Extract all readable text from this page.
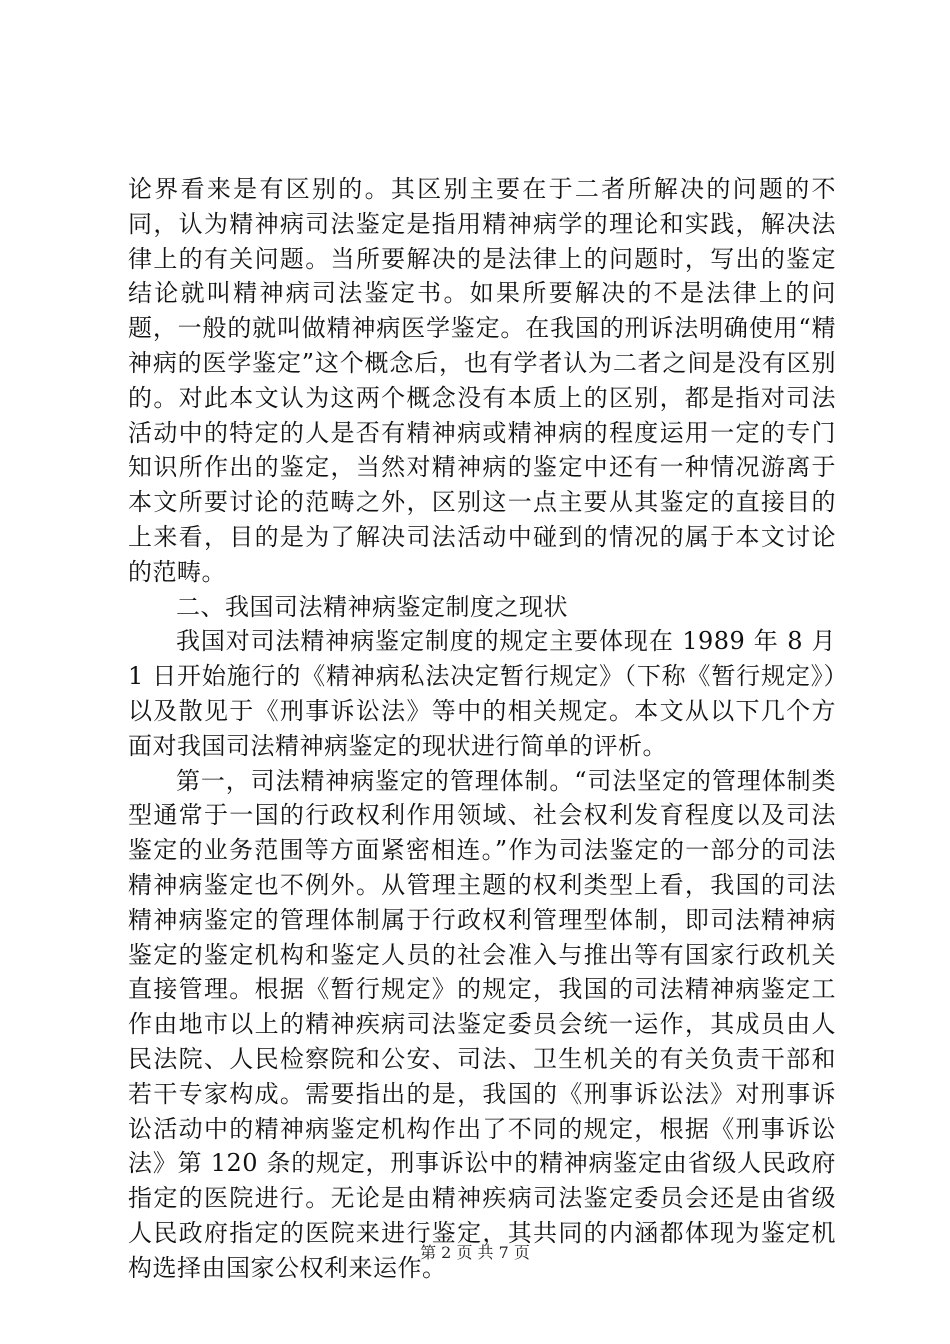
论界看来是有区别的。其区别主要在于二者所解决的问题的不同，认为精神病司法鉴定是指用精神病学的理论和实践，解决法律上的有关问题。当所要解决的是法律上的问题时，写出的鉴定结论就叫精神病司法鉴定书。如果所要解决的不是法律上的问题，一般的就叫做精神病医学鉴定。在我国的刑诉法明确使用“精神病的医学鉴定”这个概念后，也有学者认为二者之间是没有区别的。对此本文认为这两个概念没有本质上的区别，都是指对司法活动中的特定的人是否有精神病或精神病的程度运用一定的专门知识所作出的鉴定，当然对精神病的鉴定中还有一种情况游离于本文所要讨论的范畴之外，区别这一点主要从其鉴定的直接目的上来看，目的是为了解决司法活动中碰到的情况的属于本文讨论的范畴。

二、我国司法精神病鉴定制度之现状

我国对司法精神病鉴定制度的规定主要体现在 1989 年 8 月 1 日开始施行的《精神病私法决定暂行规定》（下称《暂行规定》）以及散见于《刑事诉讼法》等中的相关规定。本文从以下几个方面对我国司法精神病鉴定的现状进行简单的评析。

第一，司法精神病鉴定的管理体制。“司法坚定的管理体制类型通常于一国的行政权利作用领域、社会权利发育程度以及司法鉴定的业务范围等方面紧密相连。”作为司法鉴定的一部分的司法精神病鉴定也不例外。从管理主题的权利类型上看，我国的司法精神病鉴定的管理体制属于行政权利管理型体制，即司法精神病鉴定的鉴定机构和鉴定人员的社会准入与推出等有国家行政机关直接管理。根据《暂行规定》的规定，我国的司法精神病鉴定工作由地市以上的精神疾病司法鉴定委员会统一运作，其成员由人民法院、人民检察院和公安、司法、卫生机关的有关负责干部和若干专家构成。需要指出的是，我国的《刑事诉讼法》对刑事诉讼活动中的精神病鉴定机构作出了不同的规定，根据《刑事诉讼法》第 120 条的规定，刑事诉讼中的精神病鉴定由省级人民政府指定的医院进行。无论是由精神疾病司法鉴定委员会还是由省级人民政府指定的医院来进行鉴定，其共同的内涵都体现为鉴定机构选择由国家公权利来运作。

第 2 页 共 7 页
